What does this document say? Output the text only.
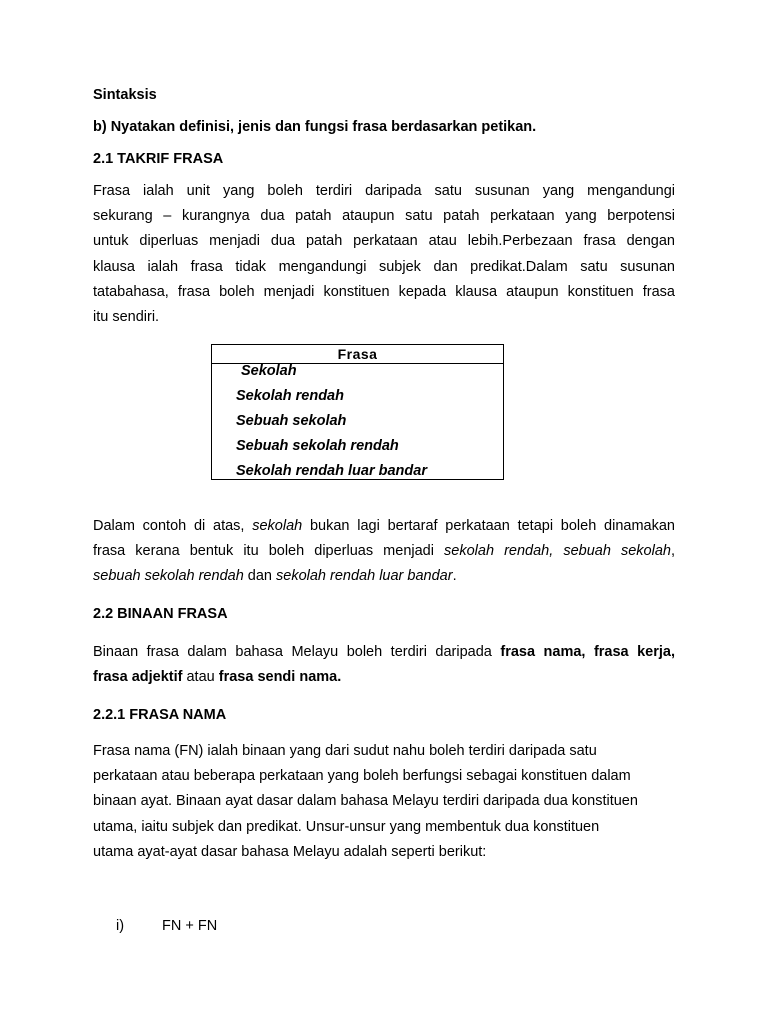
Sintaksis
b) Nyatakan definisi, jenis dan fungsi frasa berdasarkan petikan.
2.1 TAKRIF FRASA
Frasa ialah unit yang boleh terdiri daripada satu susunan yang mengandungi
sekurang – kurangnya dua patah ataupun satu patah perkataan yang berpotensi
untuk diperluas menjadi dua patah perkataan atau lebih.Perbezaan frasa dengan
klausa ialah frasa tidak mengandungi subjek dan predikat.Dalam satu susunan
tatabahasa, frasa boleh menjadi konstituen kepada klausa ataupun konstituen frasa
itu sendiri.
Frasa
Sekolah
Sekolah rendah
Sebuah sekolah
Sebuah sekolah rendah
Sekolah rendah luar bandar
Dalam contoh di atas, sekolah bukan lagi bertaraf perkataan tetapi boleh dinamakan
frasa kerana bentuk itu boleh diperluas menjadi sekolah rendah, sebuah sekolah,
sebuah sekolah rendah dan sekolah rendah luar bandar.
2.2 BINAAN FRASA
Binaan frasa dalam bahasa Melayu boleh terdiri daripada frasa nama, frasa kerja,
frasa adjektif atau frasa sendi nama.
2.2.1 FRASA NAMA
Frasa nama (FN) ialah binaan yang dari sudut nahu boleh terdiri daripada satu
perkataan atau beberapa perkataan yang boleh berfungsi sebagai konstituen dalam
binaan ayat. Binaan ayat dasar dalam bahasa Melayu terdiri daripada dua konstituen
utama, iaitu subjek dan predikat. Unsur-unsur yang membentuk dua konstituen
utama ayat-ayat dasar bahasa Melayu adalah seperti berikut:
i)	FN + FN
